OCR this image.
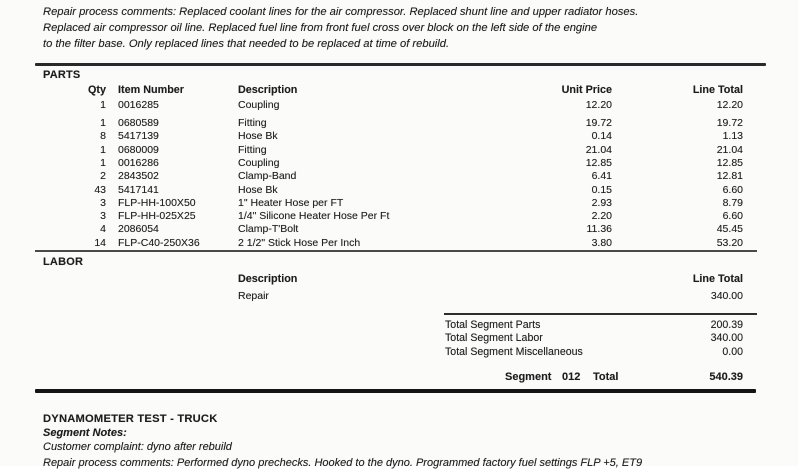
Repair process comments: Replaced coolant lines for the air compressor. Replaced shunt line and upper radiator hoses.
Replaced air compressor oil line. Replaced fuel line from front fuel cross over block on the left side of the engine
to the filter base. Only replaced lines that needed to be replaced at time of rebuild.
PARTS
Qty Item Number	Description	Unit Price	Line Total
1 0016285	Coupling	12.20	12.20
1 0680589	Fitting	19.72	19.72
8 5417139	Hose Bk	0.14	1.13
1 0680009	Fitting	21.04	21.04
1 0016286	Coupling	12.85	12.85
2 2843502	Clamp-Band	6.41	12.81
43 5417141	Hose Bk	0.15	6.60
3 FLP-HH-100X50	1" Heater Hose per FT	2.93	8.79
3 FLP-HH-025X25	1/4" Silicone Heater Hose Per Ft	2.20	6.60
4 2086054	Clamp-T'Bolt	11.36	45.45
14 FLP-C40-250X36	2 1/2" Stick Hose Per Inch	3.80	53.20
LABOR
Description	Line Total
Repair	340.00
Total Segment Parts	200.39
Total Segment Labor	340.00
Total Segment Miscellaneous	0.00
Segment 012 Total	540.39
DYNAMOMETER TEST - TRUCK
Segment Notes:
Customer complaint: dyno after rebuild
Repair process comments: Performed dyno prechecks. Hooked to the dyno. Programmed factory fuel settings FLP +5, ET9
